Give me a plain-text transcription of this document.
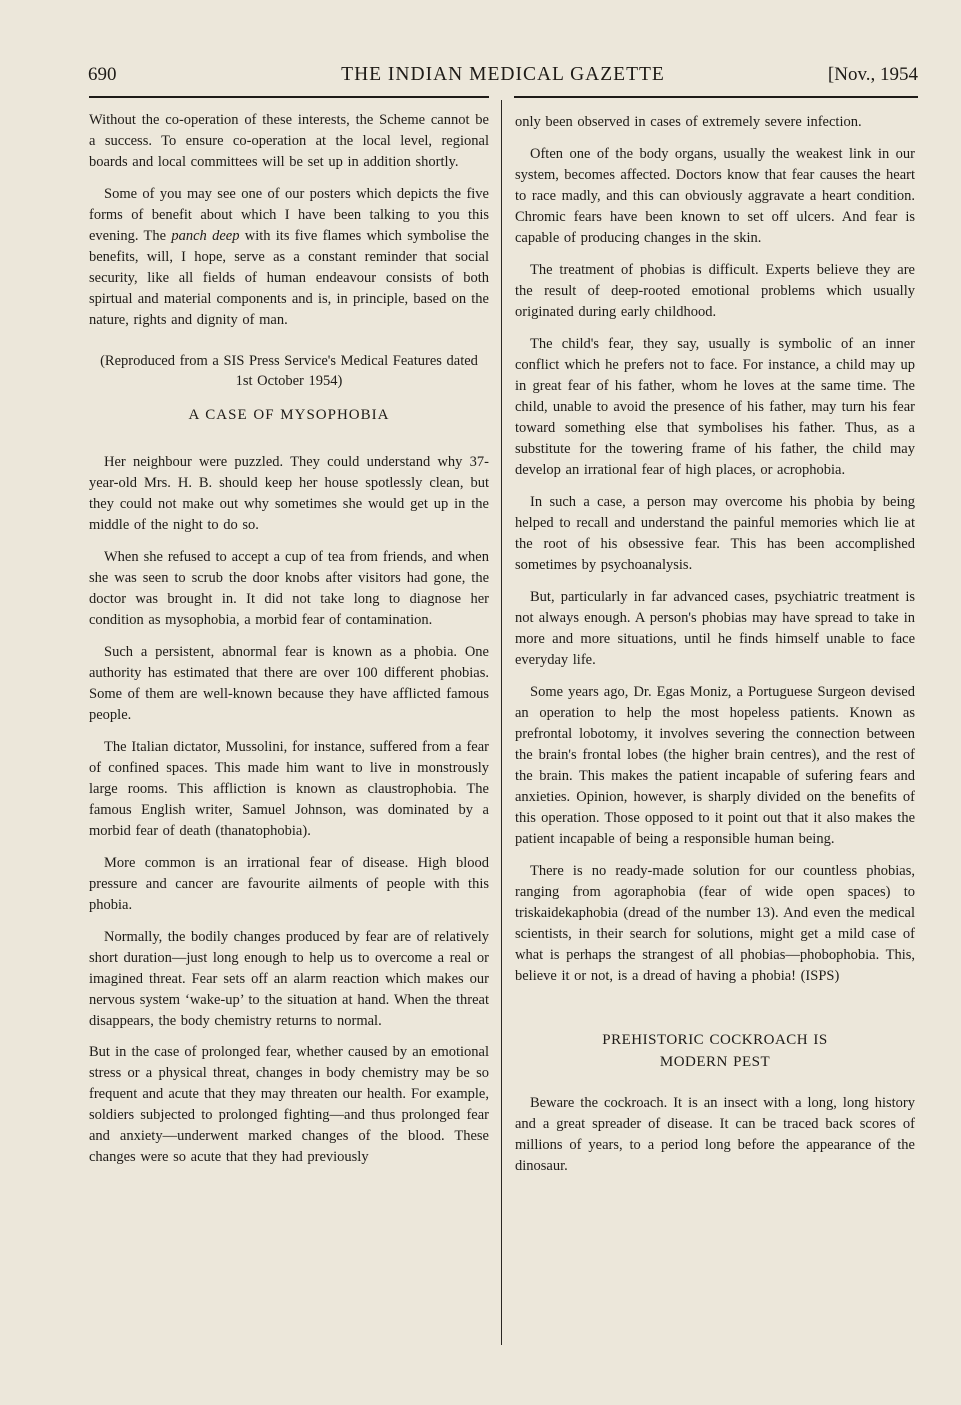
690	THE INDIAN MEDICAL GAZETTE	[Nov., 1954

Without the co-operation of these interests, the Scheme cannot be a success. To ensure co-operation at the local level, regional boards and local committees will be set up in addition shortly.

Some of you may see one of our posters which depicts the five forms of benefit about which I have been talking to you this evening. The panch deep with its five flames which symbolise the benefits, will, I hope, serve as a constant reminder that social security, like all fields of human endeavour consists of both spirtual and material components and is, in principle, based on the nature, rights and dignity of man.

(Reproduced from a SIS Press Service's Medical Features dated 1st October 1954)
A CASE OF MYSOPHOBIA

Her neighbour were puzzled. They could understand why 37-year-old Mrs. H. B. should keep her house spotlessly clean, but they could not make out why sometimes she would get up in the middle of the night to do so.

When she refused to accept a cup of tea from friends, and when she was seen to scrub the door knobs after visitors had gone, the doctor was brought in. It did not take long to diagnose her condition as mysophobia, a morbid fear of contamination.

Such a persistent, abnormal fear is known as a phobia. One authority has estimated that there are over 100 different phobias. Some of them are well-known because they have afflicted famous people.

The Italian dictator, Mussolini, for instance, suffered from a fear of confined spaces. This made him want to live in monstrously large rooms. This affliction is known as claustrophobia. The famous English writer, Samuel Johnson, was dominated by a morbid fear of death (thanatophobia).

More common is an irrational fear of disease. High blood pressure and cancer are favourite ailments of people with this phobia.

Normally, the bodily changes produced by fear are of relatively short duration—just long enough to help us to overcome a real or imagined threat. Fear sets off an alarm reaction which makes our nervous system ‘wake-up’ to the situation at hand. When the threat disappears, the body chemistry returns to normal.

But in the case of prolonged fear, whether caused by an emotional stress or a physical threat, changes in body chemistry may be so frequent and acute that they may threaten our health. For example, soldiers subjected to prolonged fighting—and thus prolonged fear and anxiety—underwent marked changes of the blood. These changes were so acute that they had previously

only been observed in cases of extremely severe infection.

Often one of the body organs, usually the weakest link in our system, becomes affected. Doctors know that fear causes the heart to race madly, and this can obviously aggravate a heart condition. Chromic fears have been known to set off ulcers. And fear is capable of producing changes in the skin.

The treatment of phobias is difficult. Experts believe they are the result of deep-rooted emotional problems which usually originated during early childhood.

The child's fear, they say, usually is symbolic of an inner conflict which he prefers not to face. For instance, a child may up in great fear of his father, whom he loves at the same time. The child, unable to avoid the presence of his father, may turn his fear toward something else that symbolises his father. Thus, as a substitute for the towering frame of his father, the child may develop an irrational fear of high places, or acrophobia.

In such a case, a person may overcome his phobia by being helped to recall and understand the painful memories which lie at the root of his obsessive fear. This has been accomplished sometimes by psychoanalysis.

But, particularly in far advanced cases, psychiatric treatment is not always enough. A person's phobias may have spread to take in more and more situations, until he finds himself unable to face everyday life.

Some years ago, Dr. Egas Moniz, a Portuguese Surgeon devised an operation to help the most hopeless patients. Known as prefrontal lobotomy, it involves severing the connection between the brain's frontal lobes (the higher brain centres), and the rest of the brain. This makes the patient incapable of sufering fears and anxieties. Opinion, however, is sharply divided on the benefits of this operation. Those opposed to it point out that it also makes the patient incapable of being a responsible human being.

There is no ready-made solution for our countless phobias, ranging from agoraphobia (fear of wide open spaces) to triskaidekaphobia (dread of the number 13). And even the medical scientists, in their search for solutions, might get a mild case of what is perhaps the strangest of all phobias—phobophobia. This, believe it or not, is a dread of having a phobia! (ISPS)

PREHISTORIC COCKROACH IS
MODERN PEST

Beware the cockroach. It is an insect with a long, long history and a great spreader of disease. It can be traced back scores of millions of years, to a period long before the appearance of the dinosaur.
